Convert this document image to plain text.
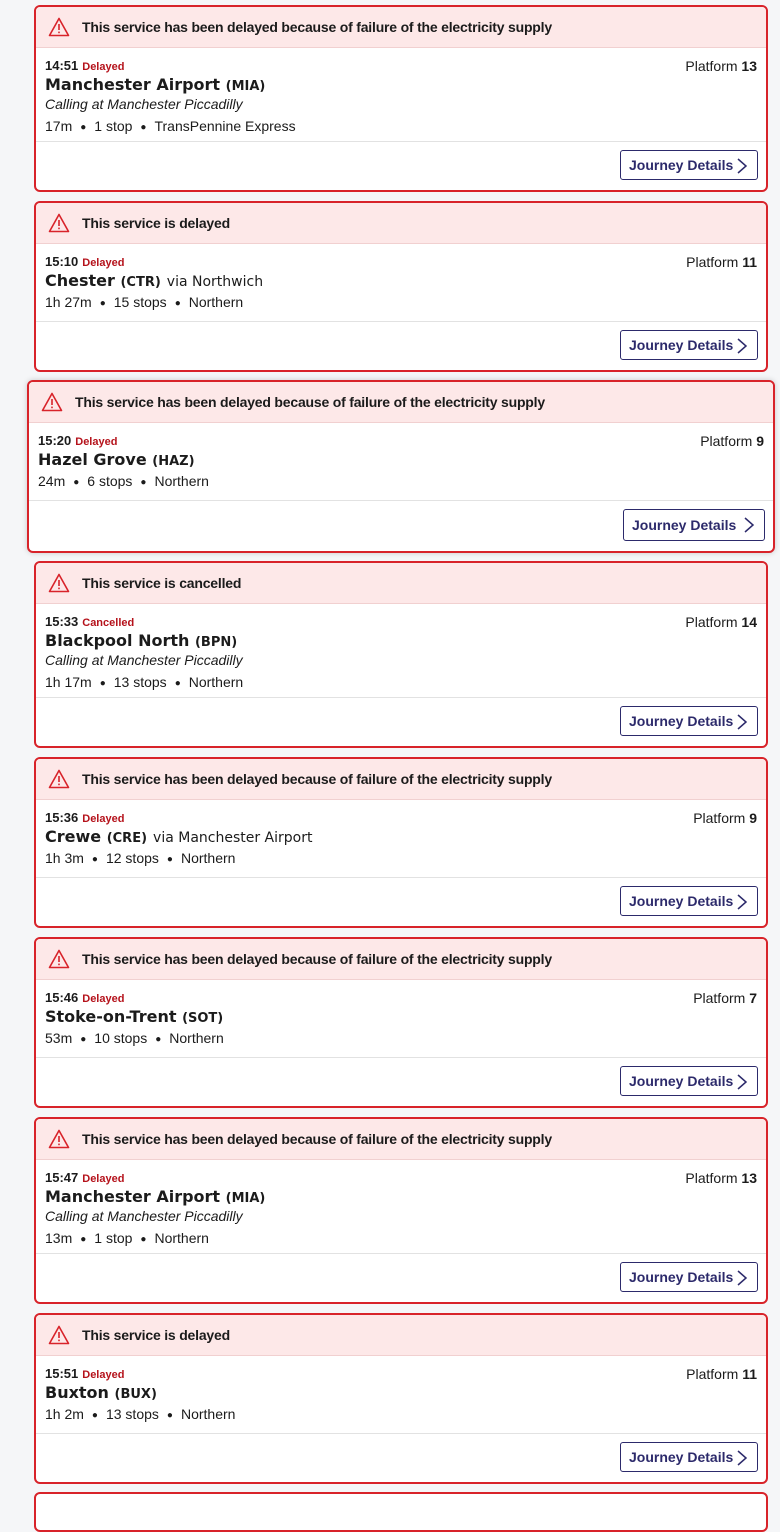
This service has been delayed because of failure of the electricity supply
14:51 Delayed	Platform 13
Manchester Airport (MIA)
Calling at Manchester Piccadilly
17m ● 1 stop ● TransPennine Express
Journey Details
This service is delayed
15:10 Delayed	Platform 11
Chester (CTR) via Northwich
1h 27m ● 15 stops ● Northern
Journey Details
This service has been delayed because of failure of the electricity supply
15:20 Delayed	Platform 9
Hazel Grove (HAZ)
24m ● 6 stops ● Northern
Journey Details
This service is cancelled
15:33 Cancelled	Platform 14
Blackpool North (BPN)
Calling at Manchester Piccadilly
1h 17m ● 13 stops ● Northern
Journey Details
This service has been delayed because of failure of the electricity supply
15:36 Delayed	Platform 9
Crewe (CRE) via Manchester Airport
1h 3m ● 12 stops ● Northern
Journey Details
This service has been delayed because of failure of the electricity supply
15:46 Delayed	Platform 7
Stoke-on-Trent (SOT)
53m ● 10 stops ● Northern
Journey Details
This service has been delayed because of failure of the electricity supply
15:47 Delayed	Platform 13
Manchester Airport (MIA)
Calling at Manchester Piccadilly
13m ● 1 stop ● Northern
Journey Details
This service is delayed
15:51 Delayed	Platform 11
Buxton (BUX)
1h 2m ● 13 stops ● Northern
Journey Details
